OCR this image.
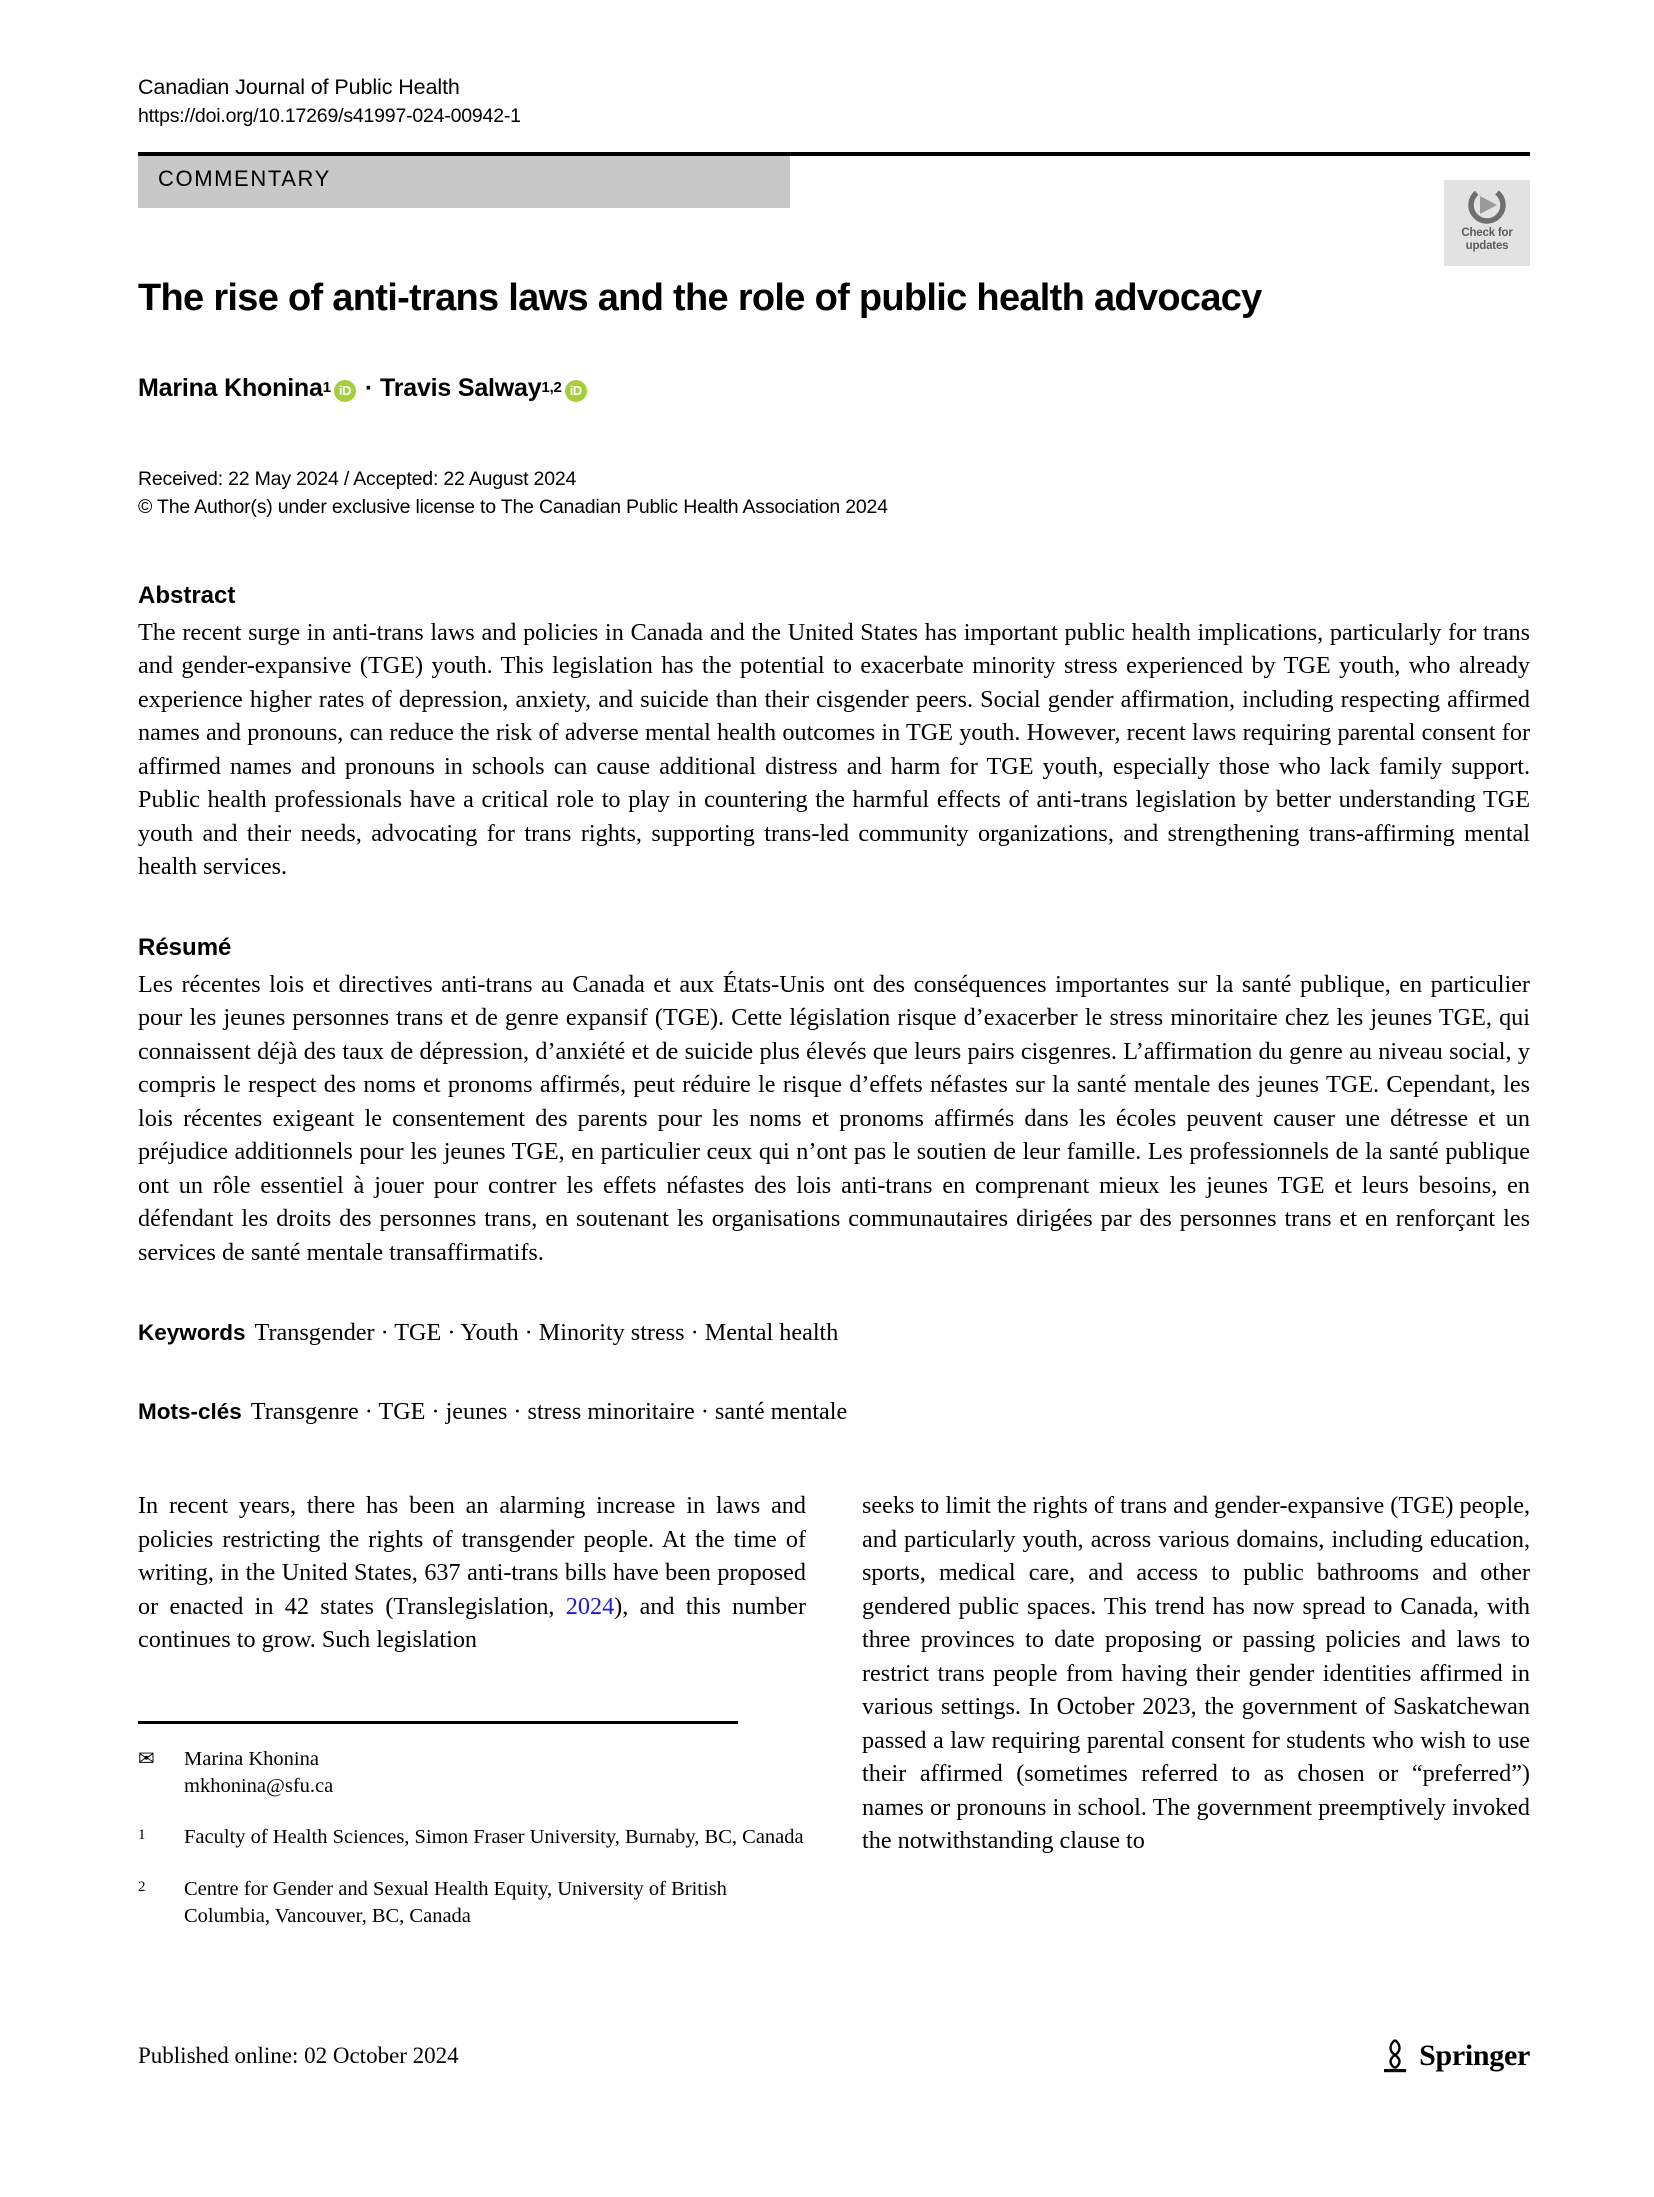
Canadian Journal of Public Health
https://doi.org/10.17269/s41997-024-00942-1
COMMENTARY
Check for
updates
The rise of anti-trans laws and the role of public health advocacy
Marina Khonina 1 iD · Travis Salway 1,2 iD
Received: 22 May 2024 / Accepted: 22 August 2024
© The Author(s) under exclusive license to The Canadian Public Health Association 2024
Abstract
The recent surge in anti-trans laws and policies in Canada and the United States has important public health implications, particularly for trans and gender-expansive (TGE) youth. This legislation has the potential to exacerbate minority stress experienced by TGE youth, who already experience higher rates of depression, anxiety, and suicide than their cisgender peers. Social gender affirmation, including respecting affirmed names and pronouns, can reduce the risk of adverse mental health outcomes in TGE youth. However, recent laws requiring parental consent for affirmed names and pronouns in schools can cause additional distress and harm for TGE youth, especially those who lack family support. Public health professionals have a critical role to play in countering the harmful effects of anti-trans legislation by better understanding TGE youth and their needs, advocating for trans rights, supporting trans-led community organizations, and strengthening trans-affirming mental health services.
Résumé
Les récentes lois et directives anti-trans au Canada et aux États-Unis ont des conséquences importantes sur la santé publique, en particulier pour les jeunes personnes trans et de genre expansif (TGE). Cette législation risque d’exacerber le stress minoritaire chez les jeunes TGE, qui connaissent déjà des taux de dépression, d’anxiété et de suicide plus élevés que leurs pairs cisgenres. L’affirmation du genre au niveau social, y compris le respect des noms et pronoms affirmés, peut réduire le risque d’effets néfastes sur la santé mentale des jeunes TGE. Cependant, les lois récentes exigeant le consentement des parents pour les noms et pronoms affirmés dans les écoles peuvent causer une détresse et un préjudice additionnels pour les jeunes TGE, en particulier ceux qui n’ont pas le soutien de leur famille. Les professionnels de la santé publique ont un rôle essentiel à jouer pour contrer les effets néfastes des lois anti-trans en comprenant mieux les jeunes TGE et leurs besoins, en défendant les droits des personnes trans, en soutenant les organisations communautaires dirigées par des personnes trans et en renforçant les services de santé mentale transaffirmatifs.
Keywords Transgender · TGE · Youth · Minority stress · Mental health
Mots-clés Transgenre · TGE · jeunes · stress minoritaire · santé mentale

In recent years, there has been an alarming increase in laws and policies restricting the rights of transgender people. At the time of writing, in the United States, 637 anti-trans bills have been proposed or enacted in 42 states (Translegislation, 2024), and this number continues to grow. Such legislation

✉	Marina Khonina
mkhonina@sfu.ca
1	Faculty of Health Sciences, Simon Fraser University, Burnaby, BC, Canada
2	Centre for Gender and Sexual Health Equity, University of British Columbia, Vancouver, BC, Canada

seeks to limit the rights of trans and gender-expansive (TGE) people, and particularly youth, across various domains, including education, sports, medical care, and access to public bathrooms and other gendered public spaces. This trend has now spread to Canada, with three provinces to date proposing or passing policies and laws to restrict trans people from having their gender identities affirmed in various settings. In October 2023, the government of Saskatchewan passed a law requiring parental consent for students who wish to use their affirmed (sometimes referred to as chosen or “preferred”) names or pronouns in school. The government preemptively invoked the notwithstanding clause to

Published online: 02 October 2024	Springer
